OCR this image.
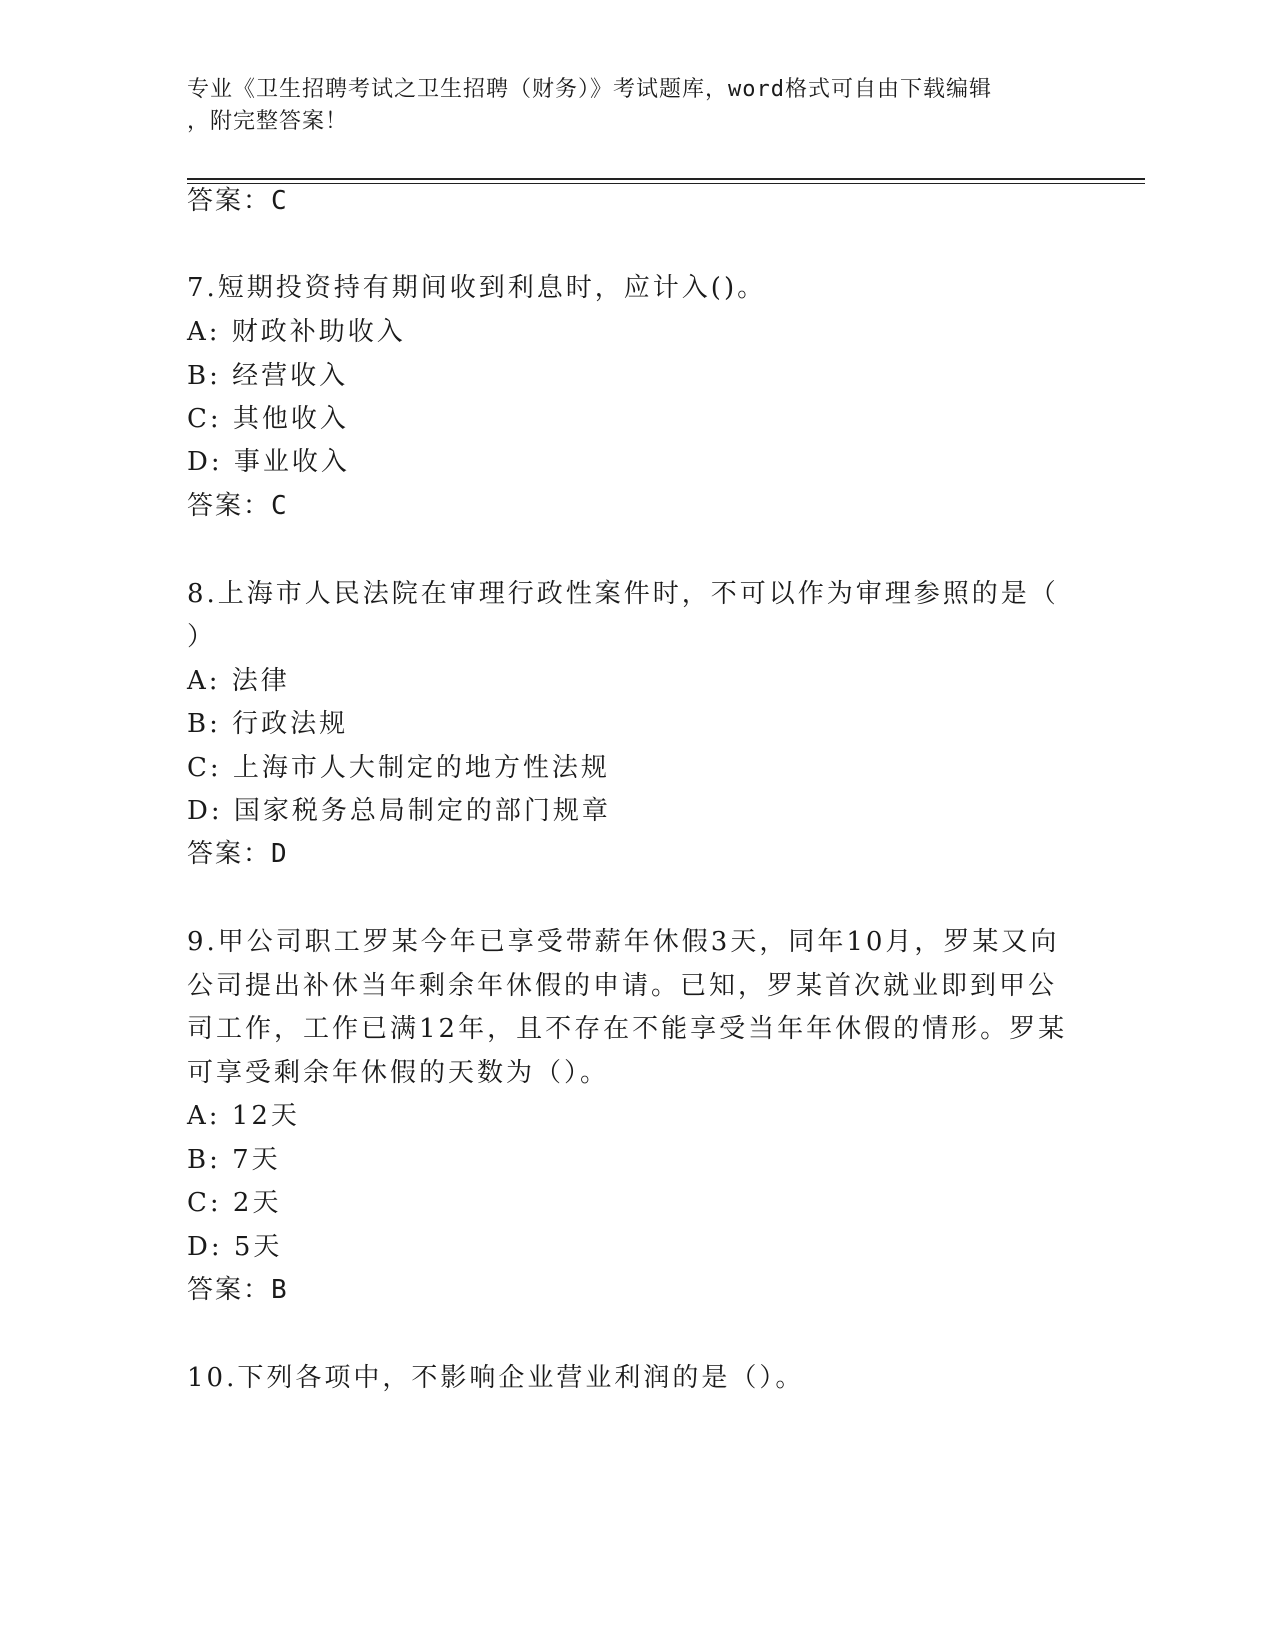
专业《卫生招聘考试之卫生招聘（财务）》考试题库，word格式可自由下载编辑
，附完整答案！
答案：C
7.短期投资持有期间收到利息时，应计入()。
A: 财政补助收入
B: 经营收入
C: 其他收入
D: 事业收入
答案：C
8.上海市人民法院在审理行政性案件时，不可以作为审理参照的是（
）
A: 法律
B: 行政法规
C: 上海市人大制定的地方性法规
D: 国家税务总局制定的部门规章
答案：D
9.甲公司职工罗某今年已享受带薪年休假3天，同年10月，罗某又向
公司提出补休当年剩余年休假的申请。已知，罗某首次就业即到甲公
司工作，工作已满12年，且不存在不能享受当年年休假的情形。罗某
可享受剩余年休假的天数为（）。
A: 12天
B: 7天
C: 2天
D: 5天
答案：B
10.下列各项中，不影响企业营业利润的是（）。
